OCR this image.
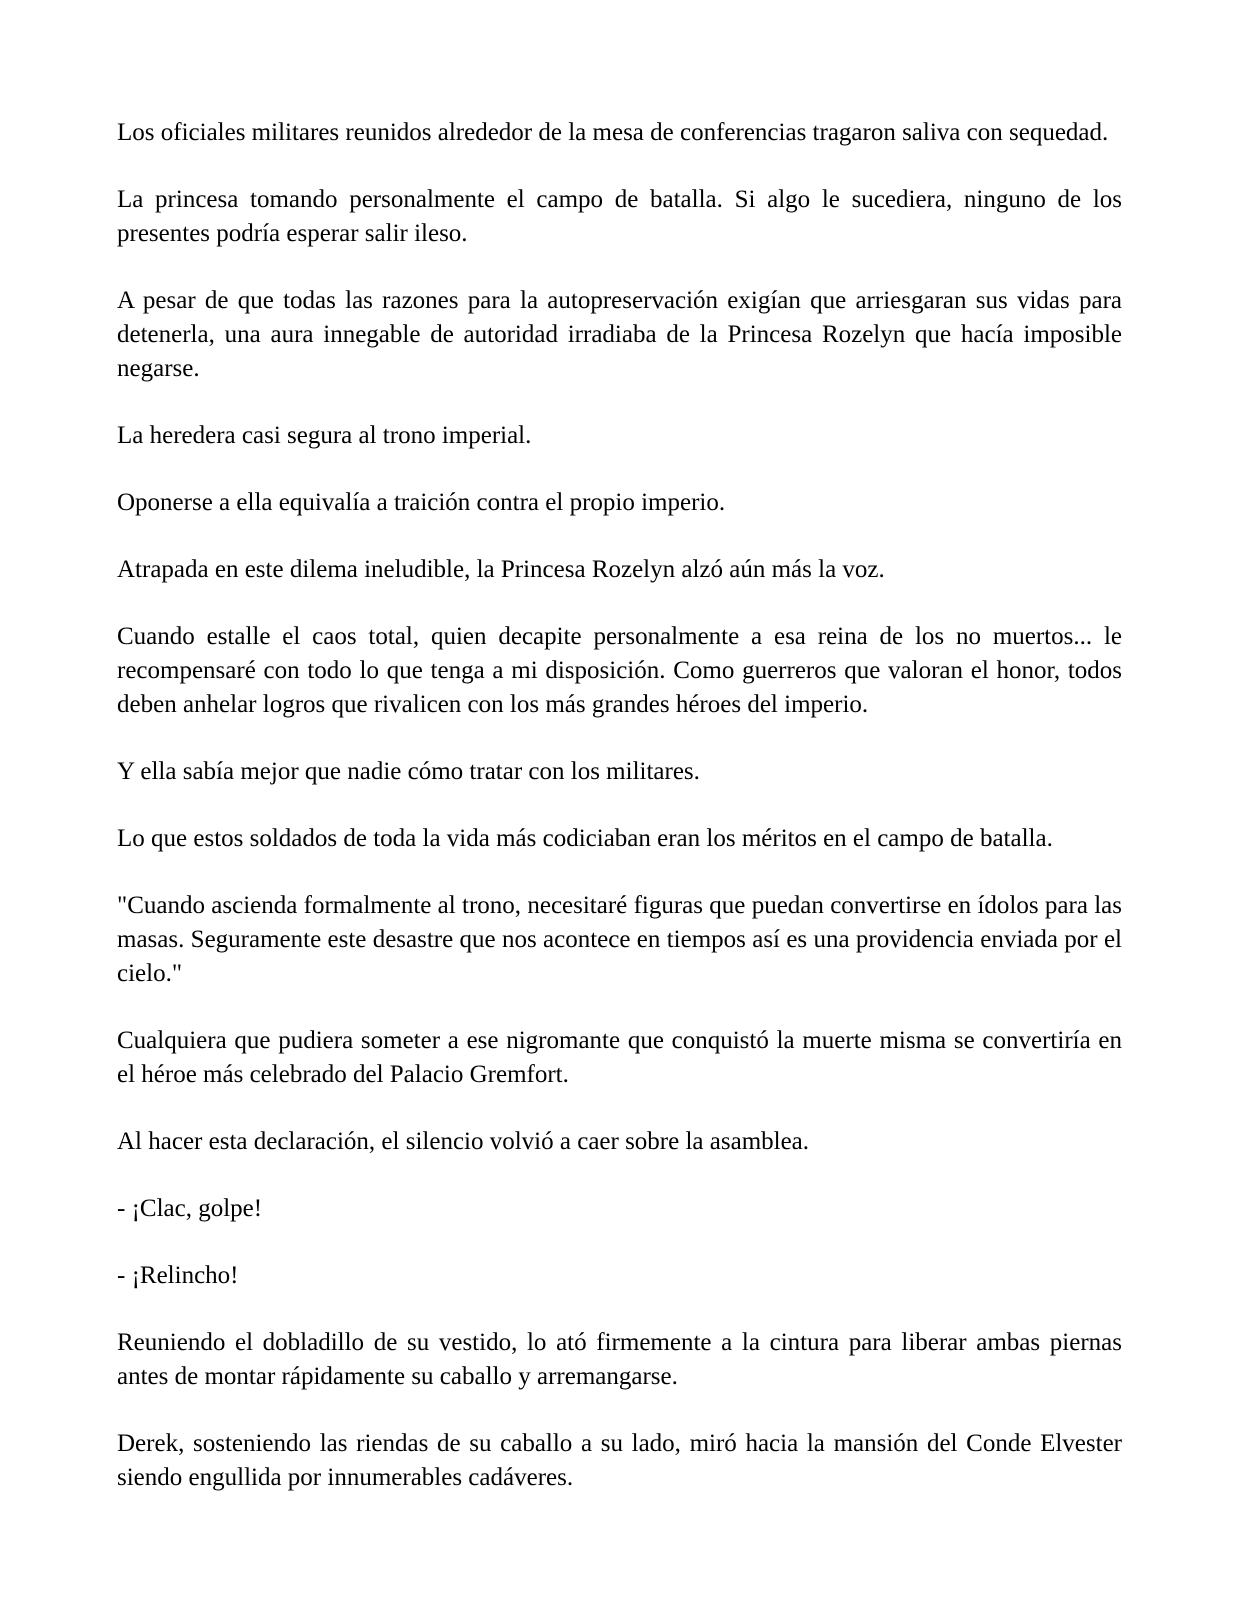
Los oficiales militares reunidos alrededor de la mesa de conferencias tragaron saliva con sequedad.

La princesa tomando personalmente el campo de batalla. Si algo le sucediera, ninguno de los presentes podría esperar salir ileso.

A pesar de que todas las razones para la autopreservación exigían que arriesgaran sus vidas para detenerla, una aura innegable de autoridad irradiaba de la Princesa Rozelyn que hacía imposible negarse.

La heredera casi segura al trono imperial.

Oponerse a ella equivalía a traición contra el propio imperio.

Atrapada en este dilema ineludible, la Princesa Rozelyn alzó aún más la voz.

Cuando estalle el caos total, quien decapite personalmente a esa reina de los no muertos... le recompensaré con todo lo que tenga a mi disposición. Como guerreros que valoran el honor, todos deben anhelar logros que rivalicen con los más grandes héroes del imperio.

Y ella sabía mejor que nadie cómo tratar con los militares.

Lo que estos soldados de toda la vida más codiciaban eran los méritos en el campo de batalla.

"Cuando ascienda formalmente al trono, necesitaré figuras que puedan convertirse en ídolos para las masas. Seguramente este desastre que nos acontece en tiempos así es una providencia enviada por el cielo."

Cualquiera que pudiera someter a ese nigromante que conquistó la muerte misma se convertiría en el héroe más celebrado del Palacio Gremfort.

Al hacer esta declaración, el silencio volvió a caer sobre la asamblea.

- ¡Clac, golpe!

- ¡Relincho!

Reuniendo el dobladillo de su vestido, lo ató firmemente a la cintura para liberar ambas piernas antes de montar rápidamente su caballo y arremangarse.

Derek, sosteniendo las riendas de su caballo a su lado, miró hacia la mansión del Conde Elvester siendo engullida por innumerables cadáveres.
